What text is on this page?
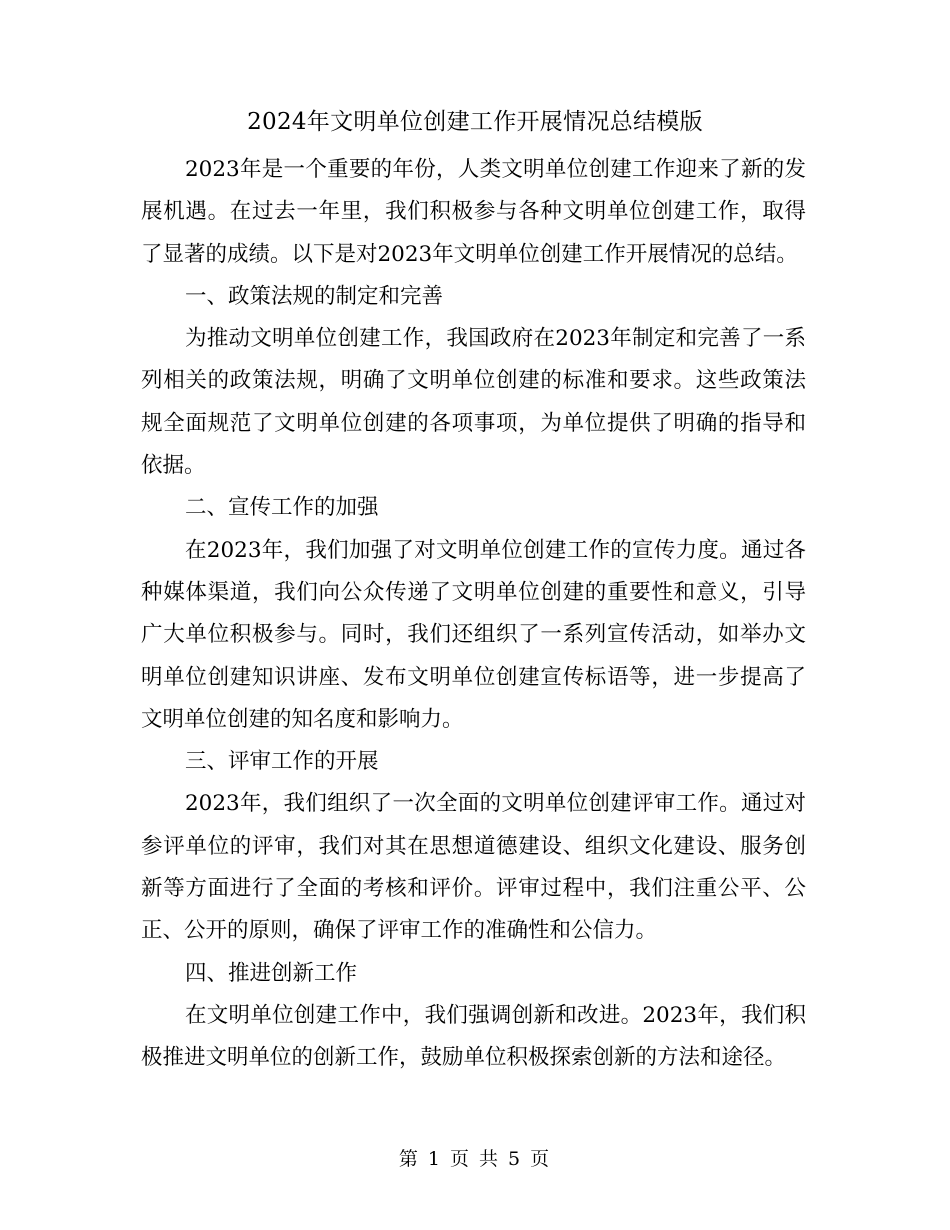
2024年文明单位创建工作开展情况总结模版

2023年是一个重要的年份，人类文明单位创建工作迎来了新的发展机遇。在过去一年里，我们积极参与各种文明单位创建工作，取得了显著的成绩。以下是对2023年文明单位创建工作开展情况的总结。

一、政策法规的制定和完善

为推动文明单位创建工作，我国政府在2023年制定和完善了一系列相关的政策法规，明确了文明单位创建的标准和要求。这些政策法规全面规范了文明单位创建的各项事项，为单位提供了明确的指导和依据。

二、宣传工作的加强

在2023年，我们加强了对文明单位创建工作的宣传力度。通过各种媒体渠道，我们向公众传递了文明单位创建的重要性和意义，引导广大单位积极参与。同时，我们还组织了一系列宣传活动，如举办文明单位创建知识讲座、发布文明单位创建宣传标语等，进一步提高了文明单位创建的知名度和影响力。

三、评审工作的开展

2023年，我们组织了一次全面的文明单位创建评审工作。通过对参评单位的评审，我们对其在思想道德建设、组织文化建设、服务创新等方面进行了全面的考核和评价。评审过程中，我们注重公平、公正、公开的原则，确保了评审工作的准确性和公信力。

四、推进创新工作

在文明单位创建工作中，我们强调创新和改进。2023年，我们积极推进文明单位的创新工作，鼓励单位积极探索创新的方法和途径。

第 1 页 共 5 页
